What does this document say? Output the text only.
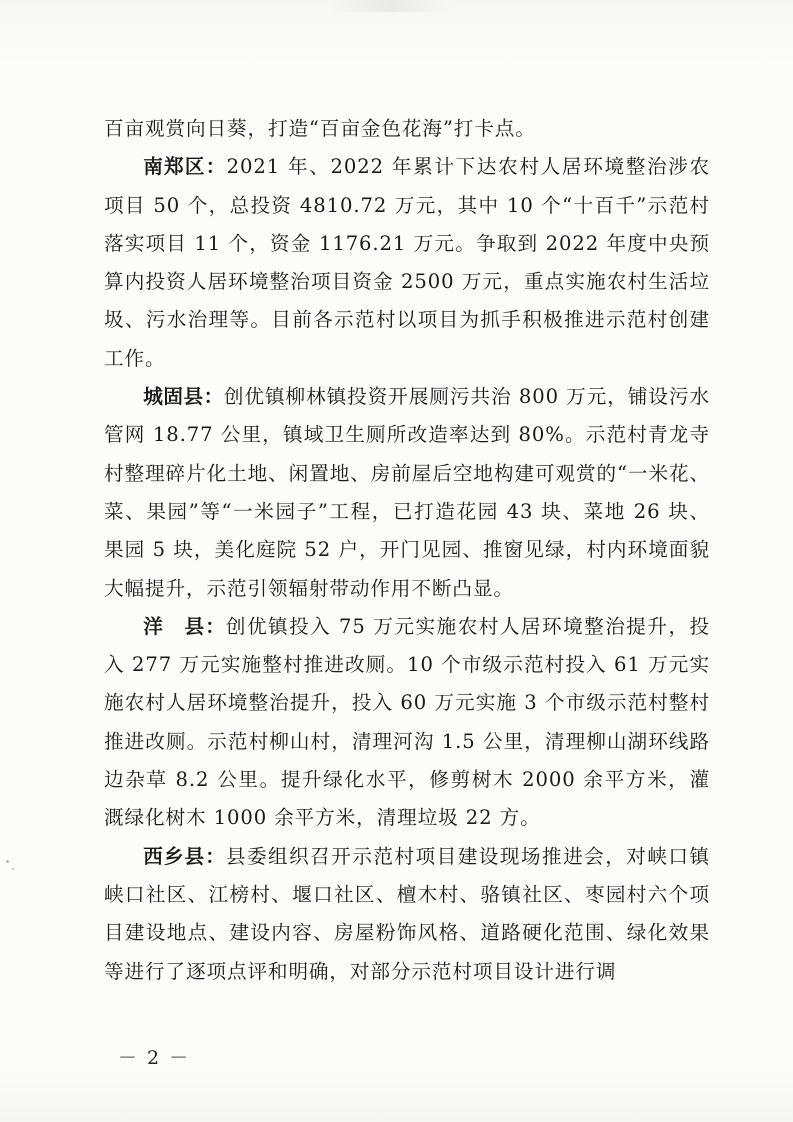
百亩观赏向日葵，打造“百亩金色花海”打卡点。

南郑区：2021 年、2022 年累计下达农村人居环境整治涉农项目 50 个，总投资 4810.72 万元，其中 10 个“十百千”示范村落实项目 11 个，资金 1176.21 万元。争取到 2022 年度中央预算内投资人居环境整治项目资金 2500 万元，重点实施农村生活垃圾、污水治理等。目前各示范村以项目为抓手积极推进示范村创建工作。

城固县：创优镇柳林镇投资开展厕污共治 800 万元，铺设污水管网 18.77 公里，镇域卫生厕所改造率达到 80%。示范村青龙寺村整理碎片化土地、闲置地、房前屋后空地构建可观赏的“一米花、菜、果园”等“一米园子”工程，已打造花园 43 块、菜地 26 块、果园 5 块，美化庭院 52 户，开门见园、推窗见绿，村内环境面貌大幅提升，示范引领辐射带动作用不断凸显。

洋　县：创优镇投入 75 万元实施农村人居环境整治提升，投入 277 万元实施整村推进改厕。10 个市级示范村投入 61 万元实施农村人居环境整治提升，投入 60 万元实施 3 个市级示范村整村推进改厕。示范村柳山村，清理河沟 1.5 公里，清理柳山湖环线路边杂草 8.2 公里。提升绿化水平，修剪树木 2000 余平方米，灌溉绿化树木 1000 余平方米，清理垃圾 22 方。

西乡县：县委组织召开示范村项目建设现场推进会，对峡口镇峡口社区、江榜村、堰口社区、檀木村、骆镇社区、枣园村六个项目建设地点、建设内容、房屋粉饰风格、道路硬化范围、绿化效果等进行了逐项点评和明确，对部分示范村项目设计进行调

－ 2 －
